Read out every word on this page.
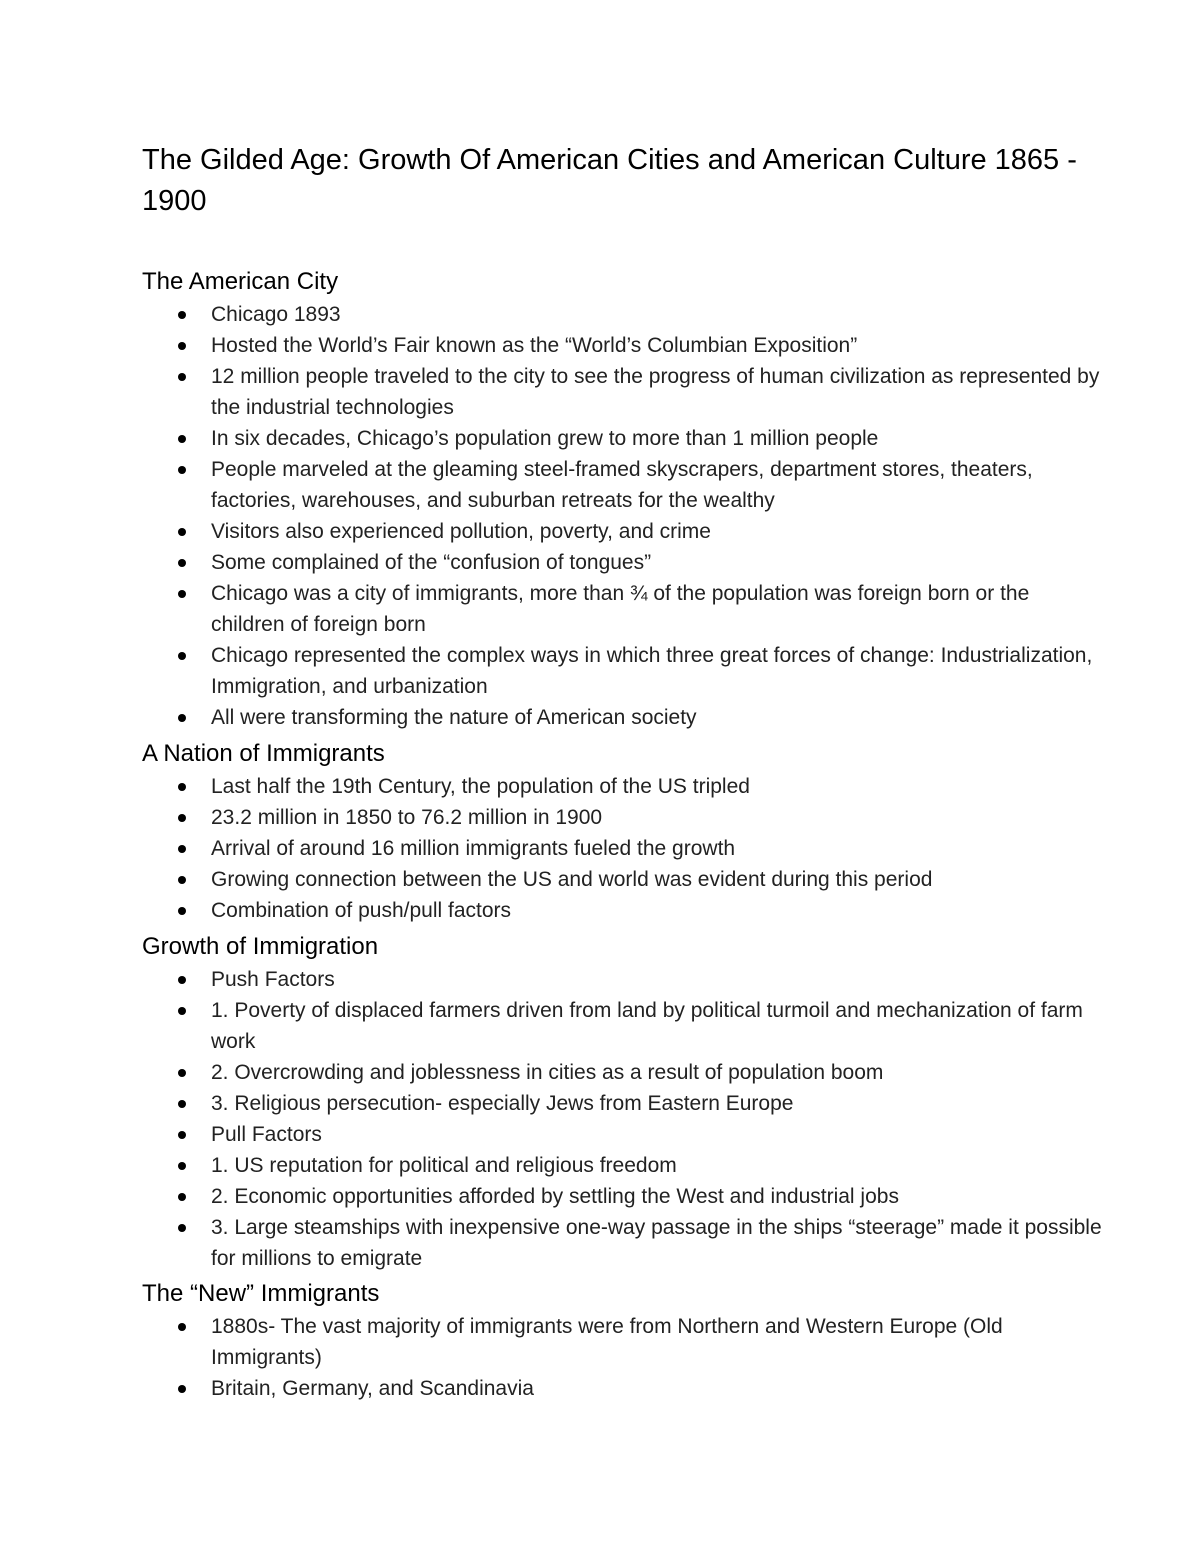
The Gilded Age: Growth Of American Cities and American Culture 1865 - 1900
The American City
Chicago 1893
Hosted the World’s Fair known as the “World’s Columbian Exposition”
12 million people traveled to the city to see the progress of human civilization as represented by the industrial technologies
In six decades, Chicago’s population grew to more than 1 million people
People marveled at the gleaming steel-framed skyscrapers, department stores, theaters, factories, warehouses, and suburban retreats for the wealthy
Visitors also experienced pollution, poverty, and crime
Some complained of the “confusion of tongues”
Chicago was a city of immigrants, more than ¾ of the population was foreign born or the children of foreign born
Chicago represented the complex ways in which three great forces of change: Industrialization, Immigration, and urbanization
All were transforming the nature of American society
A Nation of Immigrants
Last half the 19th Century, the population of the US tripled
23.2 million in 1850 to 76.2 million in 1900
Arrival of around 16 million immigrants fueled the growth
Growing connection between the US and world was evident during this period
Combination of push/pull factors
Growth of Immigration
Push Factors
1. Poverty of displaced farmers driven from land by political turmoil and mechanization of farm work
2. Overcrowding and joblessness in cities as a result of population boom
3. Religious persecution- especially Jews from Eastern Europe
Pull Factors
1. US reputation for political and religious freedom
2. Economic opportunities afforded by settling the West and industrial jobs
3. Large steamships with inexpensive one-way passage in the ships “steerage” made it possible for millions to emigrate
The “New” Immigrants
1880s- The vast majority of immigrants were from Northern and Western Europe (Old Immigrants)
Britain, Germany, and Scandinavia
